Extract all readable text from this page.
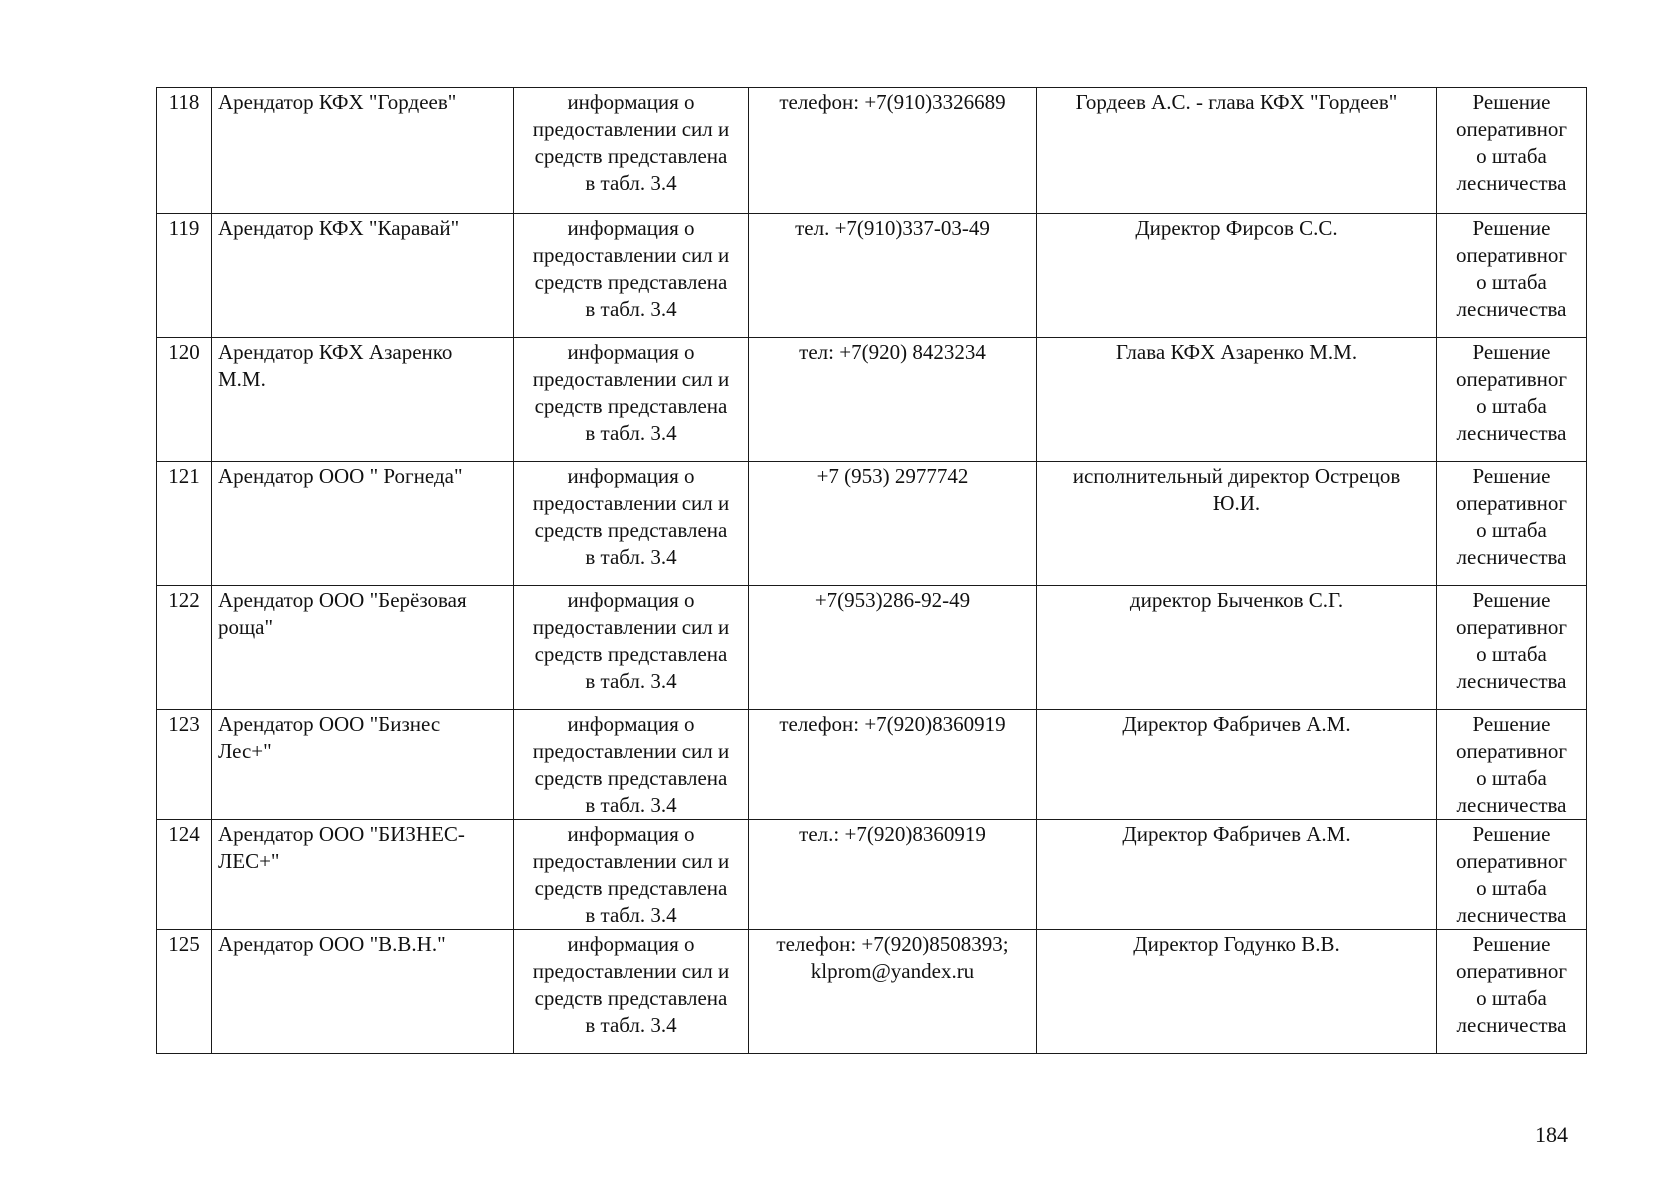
118	Арендатор КФХ "Гордеев"	информация о
предоставлении сил и
средств представлена
в табл. 3.4	телефон: +7(910)3326689	Гордеев А.С. - глава КФХ "Гордеев"	Решение
оперативног
о штаба
лесничества

119	Арендатор КФХ "Каравай"	информация о
предоставлении сил и
средств представлена
в табл. 3.4	тел. +7(910)337-03-49	Директор Фирсов С.С.	Решение
оперативног
о штаба
лесничества

120	Арендатор КФХ Азаренко
М.М.	информация о
предоставлении сил и
средств представлена
в табл. 3.4	тел: +7(920) 8423234	Глава КФХ Азаренко М.М.	Решение
оперативног
о штаба
лесничества

121	Арендатор ООО " Рогнеда"	информация о
предоставлении сил и
средств представлена
в табл. 3.4	+7 (953) 2977742	исполнительный директор Острецов
Ю.И.	Решение
оперативног
о штаба
лесничества

122	Арендатор ООО "Берёзовая
роща"	информация о
предоставлении сил и
средств представлена
в табл. 3.4	+7(953)286-92-49	директор Быченков С.Г.	Решение
оперативног
о штаба
лесничества

123	Арендатор ООО "Бизнес
Лес+"	информация о
предоставлении сил и
средств представлена
в табл. 3.4	телефон: +7(920)8360919	Директор Фабричев А.М.	Решение
оперативног
о штаба
лесничества

124	Арендатор ООО "БИЗНЕС-
ЛЕС+"	информация о
предоставлении сил и
средств представлена
в табл. 3.4	тел.: +7(920)8360919	Директор Фабричев А.М.	Решение
оперативног
о штаба
лесничества

125	Арендатор ООО "В.В.Н."	информация о
предоставлении сил и
средств представлена
в табл. 3.4	телефон: +7(920)8508393;
klprom@yandex.ru	Директор Годунко В.В.	Решение
оперативног
о штаба
лесничества
184
